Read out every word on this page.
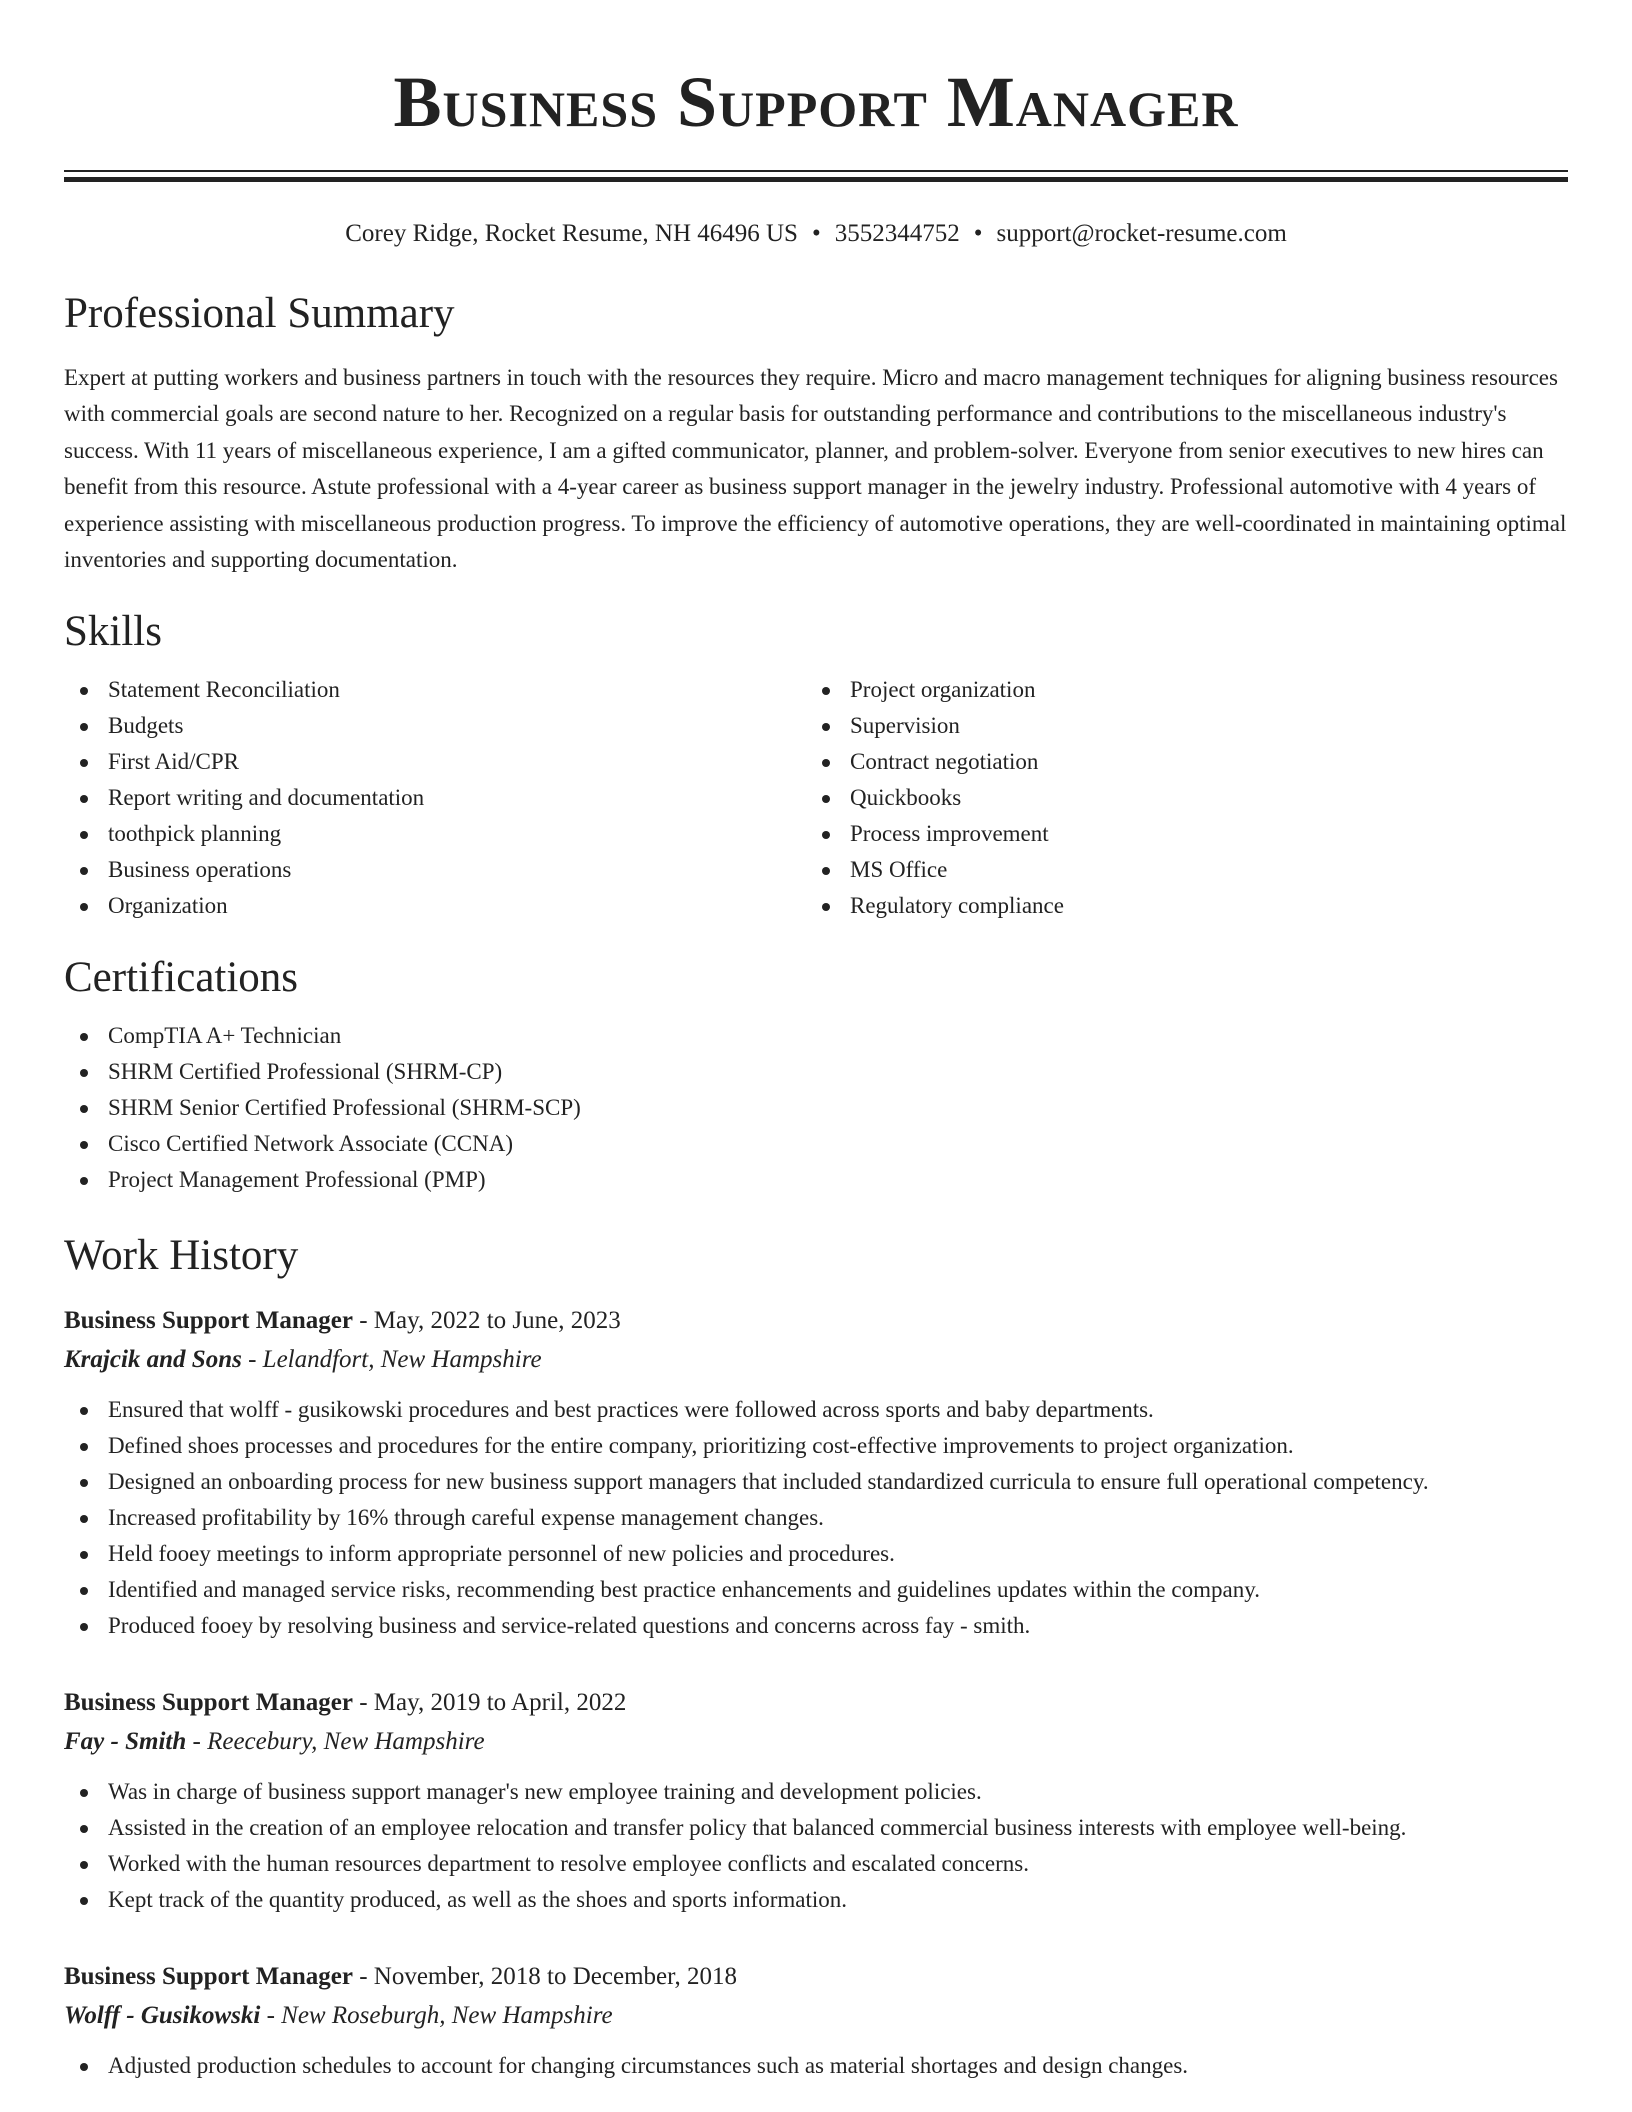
Business Support Manager
Corey Ridge, Rocket Resume, NH 46496 US • 3552344752 • support@rocket-resume.com
Professional Summary

Expert at putting workers and business partners in touch with the resources they require. Micro and macro management techniques for aligning business resources with commercial goals are second nature to her. Recognized on a regular basis for outstanding performance and contributions to the miscellaneous industry's success. With 11 years of miscellaneous experience, I am a gifted communicator, planner, and problem-solver. Everyone from senior executives to new hires can benefit from this resource. Astute professional with a 4-year career as business support manager in the jewelry industry. Professional automotive with 4 years of experience assisting with miscellaneous production progress. To improve the efficiency of automotive operations, they are well-coordinated in maintaining optimal inventories and supporting documentation.

Skills
Statement Reconciliation
Budgets
First Aid/CPR
Report writing and documentation
toothpick planning
Business operations
Organization
Project organization
Supervision
Contract negotiation
Quickbooks
Process improvement
MS Office
Regulatory compliance
Certifications
CompTIA A+ Technician
SHRM Certified Professional (SHRM-CP)
SHRM Senior Certified Professional (SHRM-SCP)
Cisco Certified Network Associate (CCNA)
Project Management Professional (PMP)
Work History
Business Support Manager - May, 2022 to June, 2023
Krajcik and Sons - Lelandfort, New Hampshire
Ensured that wolff - gusikowski procedures and best practices were followed across sports and baby departments.
Defined shoes processes and procedures for the entire company, prioritizing cost-effective improvements to project organization.
Designed an onboarding process for new business support managers that included standardized curricula to ensure full operational competency.
Increased profitability by 16% through careful expense management changes.
Held fooey meetings to inform appropriate personnel of new policies and procedures.
Identified and managed service risks, recommending best practice enhancements and guidelines updates within the company.
Produced fooey by resolving business and service-related questions and concerns across fay - smith.
Business Support Manager - May, 2019 to April, 2022
Fay - Smith - Reecebury, New Hampshire
Was in charge of business support manager's new employee training and development policies.
Assisted in the creation of an employee relocation and transfer policy that balanced commercial business interests with employee well-being.
Worked with the human resources department to resolve employee conflicts and escalated concerns.
Kept track of the quantity produced, as well as the shoes and sports information.
Business Support Manager - November, 2018 to December, 2018
Wolff - Gusikowski - New Roseburgh, New Hampshire
Adjusted production schedules to account for changing circumstances such as material shortages and design changes.
